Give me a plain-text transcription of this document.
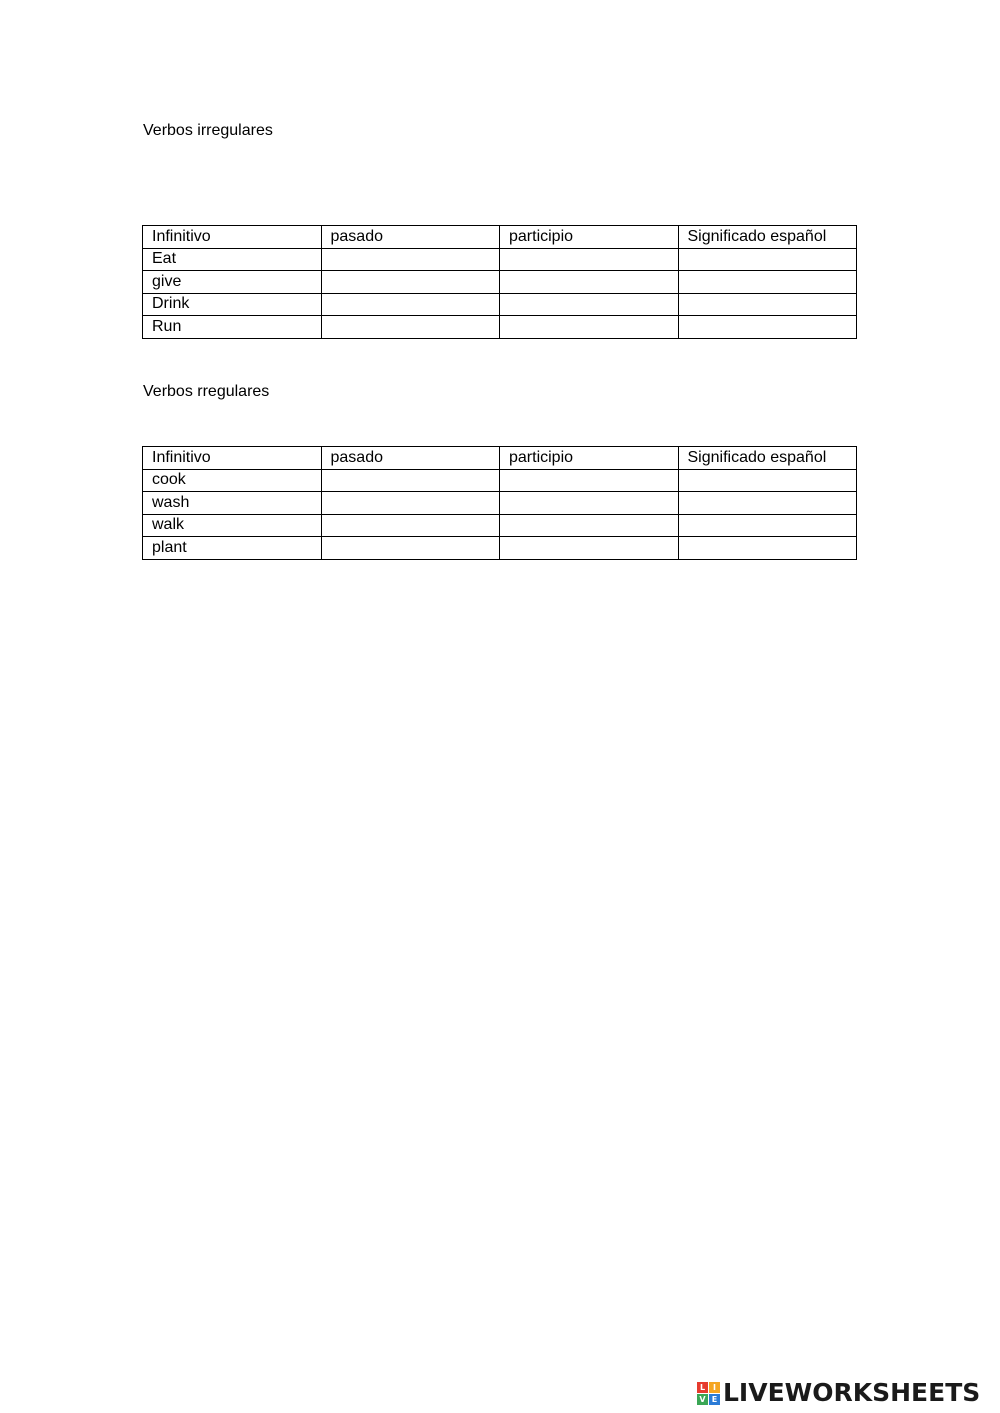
Verbos irregulares
Infinitivo	pasado	participio	Significado español
Eat			
give			
Drink			
Run			
Verbos rregulares
Infinitivo	pasado	participio	Significado español
cook			
wash			
walk			
plant			
L I
V E LIVEWORKSHEETS
